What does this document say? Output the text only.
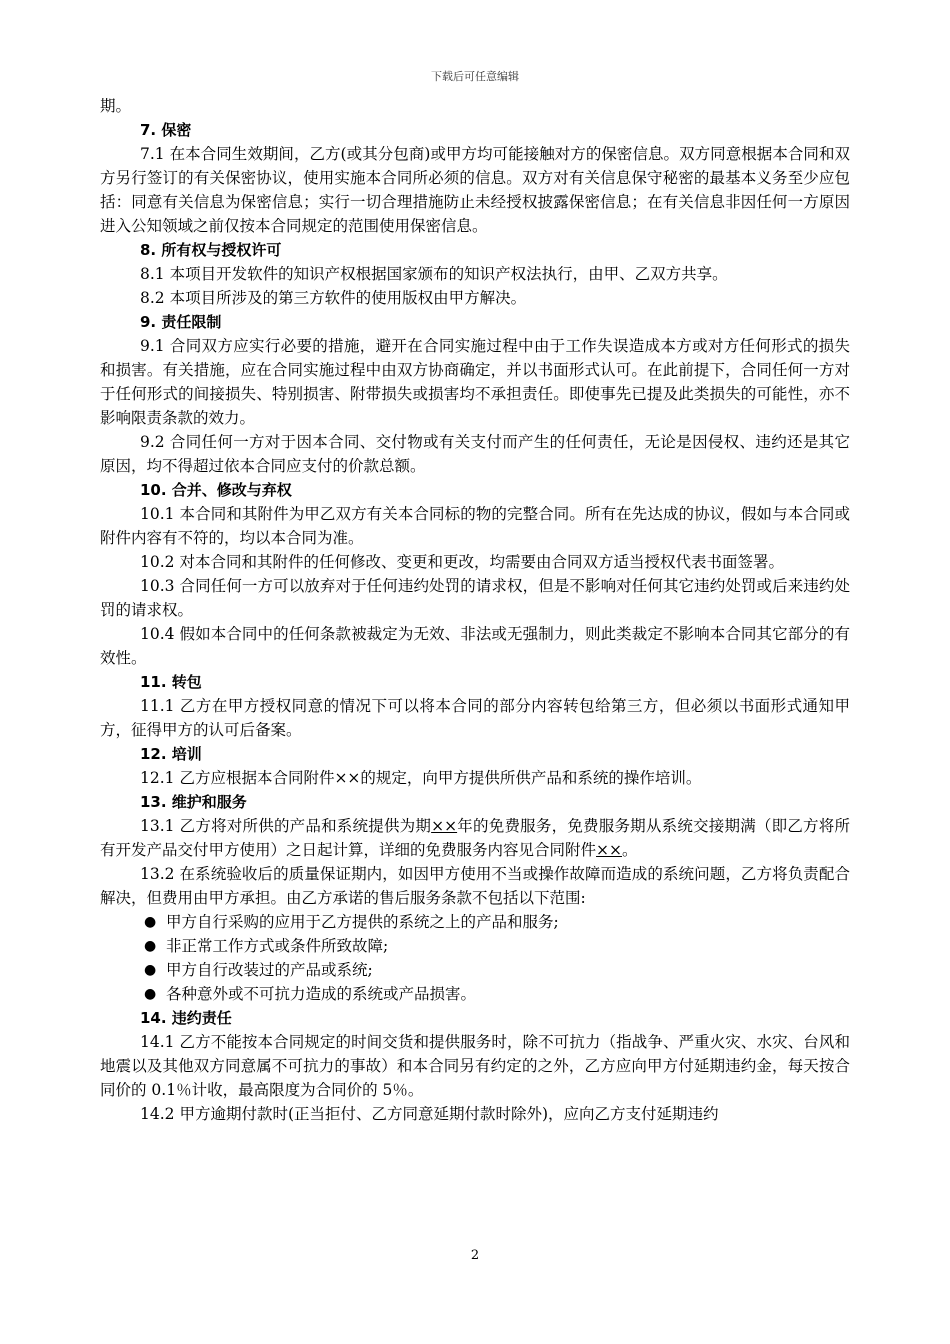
下载后可任意编辑

期。

7. 保密

7.1 在本合同生效期间，乙方(或其分包商)或甲方均可能接触对方的保密信息。双方同意根据本合同和双方另行签订的有关保密协议，使用实施本合同所必须的信息。双方对有关信息保守秘密的最基本义务至少应包括：同意有关信息为保密信息；实行一切合理措施防止未经授权披露保密信息；在有关信息非因任何一方原因进入公知领域之前仅按本合同规定的范围使用保密信息。

8. 所有权与授权许可

8.1 本项目开发软件的知识产权根据国家颁布的知识产权法执行，由甲、乙双方共享。

8.2 本项目所涉及的第三方软件的使用版权由甲方解决。

9. 责任限制

9.1 合同双方应实行必要的措施，避开在合同实施过程中由于工作失误造成本方或对方任何形式的损失和损害。有关措施，应在合同实施过程中由双方协商确定，并以书面形式认可。在此前提下，合同任何一方对于任何形式的间接损失、特别损害、附带损失或损害均不承担责任。即使事先已提及此类损失的可能性，亦不影响限责条款的效力。

9.2 合同任何一方对于因本合同、交付物或有关支付而产生的任何责任，无论是因侵权、违约还是其它原因，均不得超过依本合同应支付的价款总额。

10. 合并、修改与弃权

10.1 本合同和其附件为甲乙双方有关本合同标的物的完整合同。所有在先达成的协议，假如与本合同或附件内容有不符的，均以本合同为准。

10.2 对本合同和其附件的任何修改、变更和更改，均需要由合同双方适当授权代表书面签署。

10.3 合同任何一方可以放弃对于任何违约处罚的请求权，但是不影响对任何其它违约处罚或后来违约处罚的请求权。

10.4 假如本合同中的任何条款被裁定为无效、非法或无强制力，则此类裁定不影响本合同其它部分的有效性。

11. 转包

11.1 乙方在甲方授权同意的情况下可以将本合同的部分内容转包给第三方，但必须以书面形式通知甲方，征得甲方的认可后备案。

12. 培训

12.1 乙方应根据本合同附件××的规定，向甲方提供所供产品和系统的操作培训。

13. 维护和服务

13.1 乙方将对所供的产品和系统提供为期××年的免费服务，免费服务期从系统交接期满（即乙方将所有开发产品交付甲方使用）之日起计算，详细的免费服务内容见合同附件××。

13.2 在系统验收后的质量保证期内，如因甲方使用不当或操作故障而造成的系统问题，乙方将负责配合解决，但费用由甲方承担。由乙方承诺的售后服务条款不包括以下范围:

● 甲方自行采购的应用于乙方提供的系统之上的产品和服务;

● 非正常工作方式或条件所致故障;

● 甲方自行改装过的产品或系统;

● 各种意外或不可抗力造成的系统或产品损害。

14. 违约责任

14.1 乙方不能按本合同规定的时间交货和提供服务时，除不可抗力（指战争、严重火灾、水灾、台风和地震以及其他双方同意属不可抗力的事故）和本合同另有约定的之外，乙方应向甲方付延期违约金，每天按合同价的 0.1％计收，最高限度为合同价的 5％。

14.2 甲方逾期付款时(正当拒付、乙方同意延期付款时除外)，应向乙方支付延期违约

2
